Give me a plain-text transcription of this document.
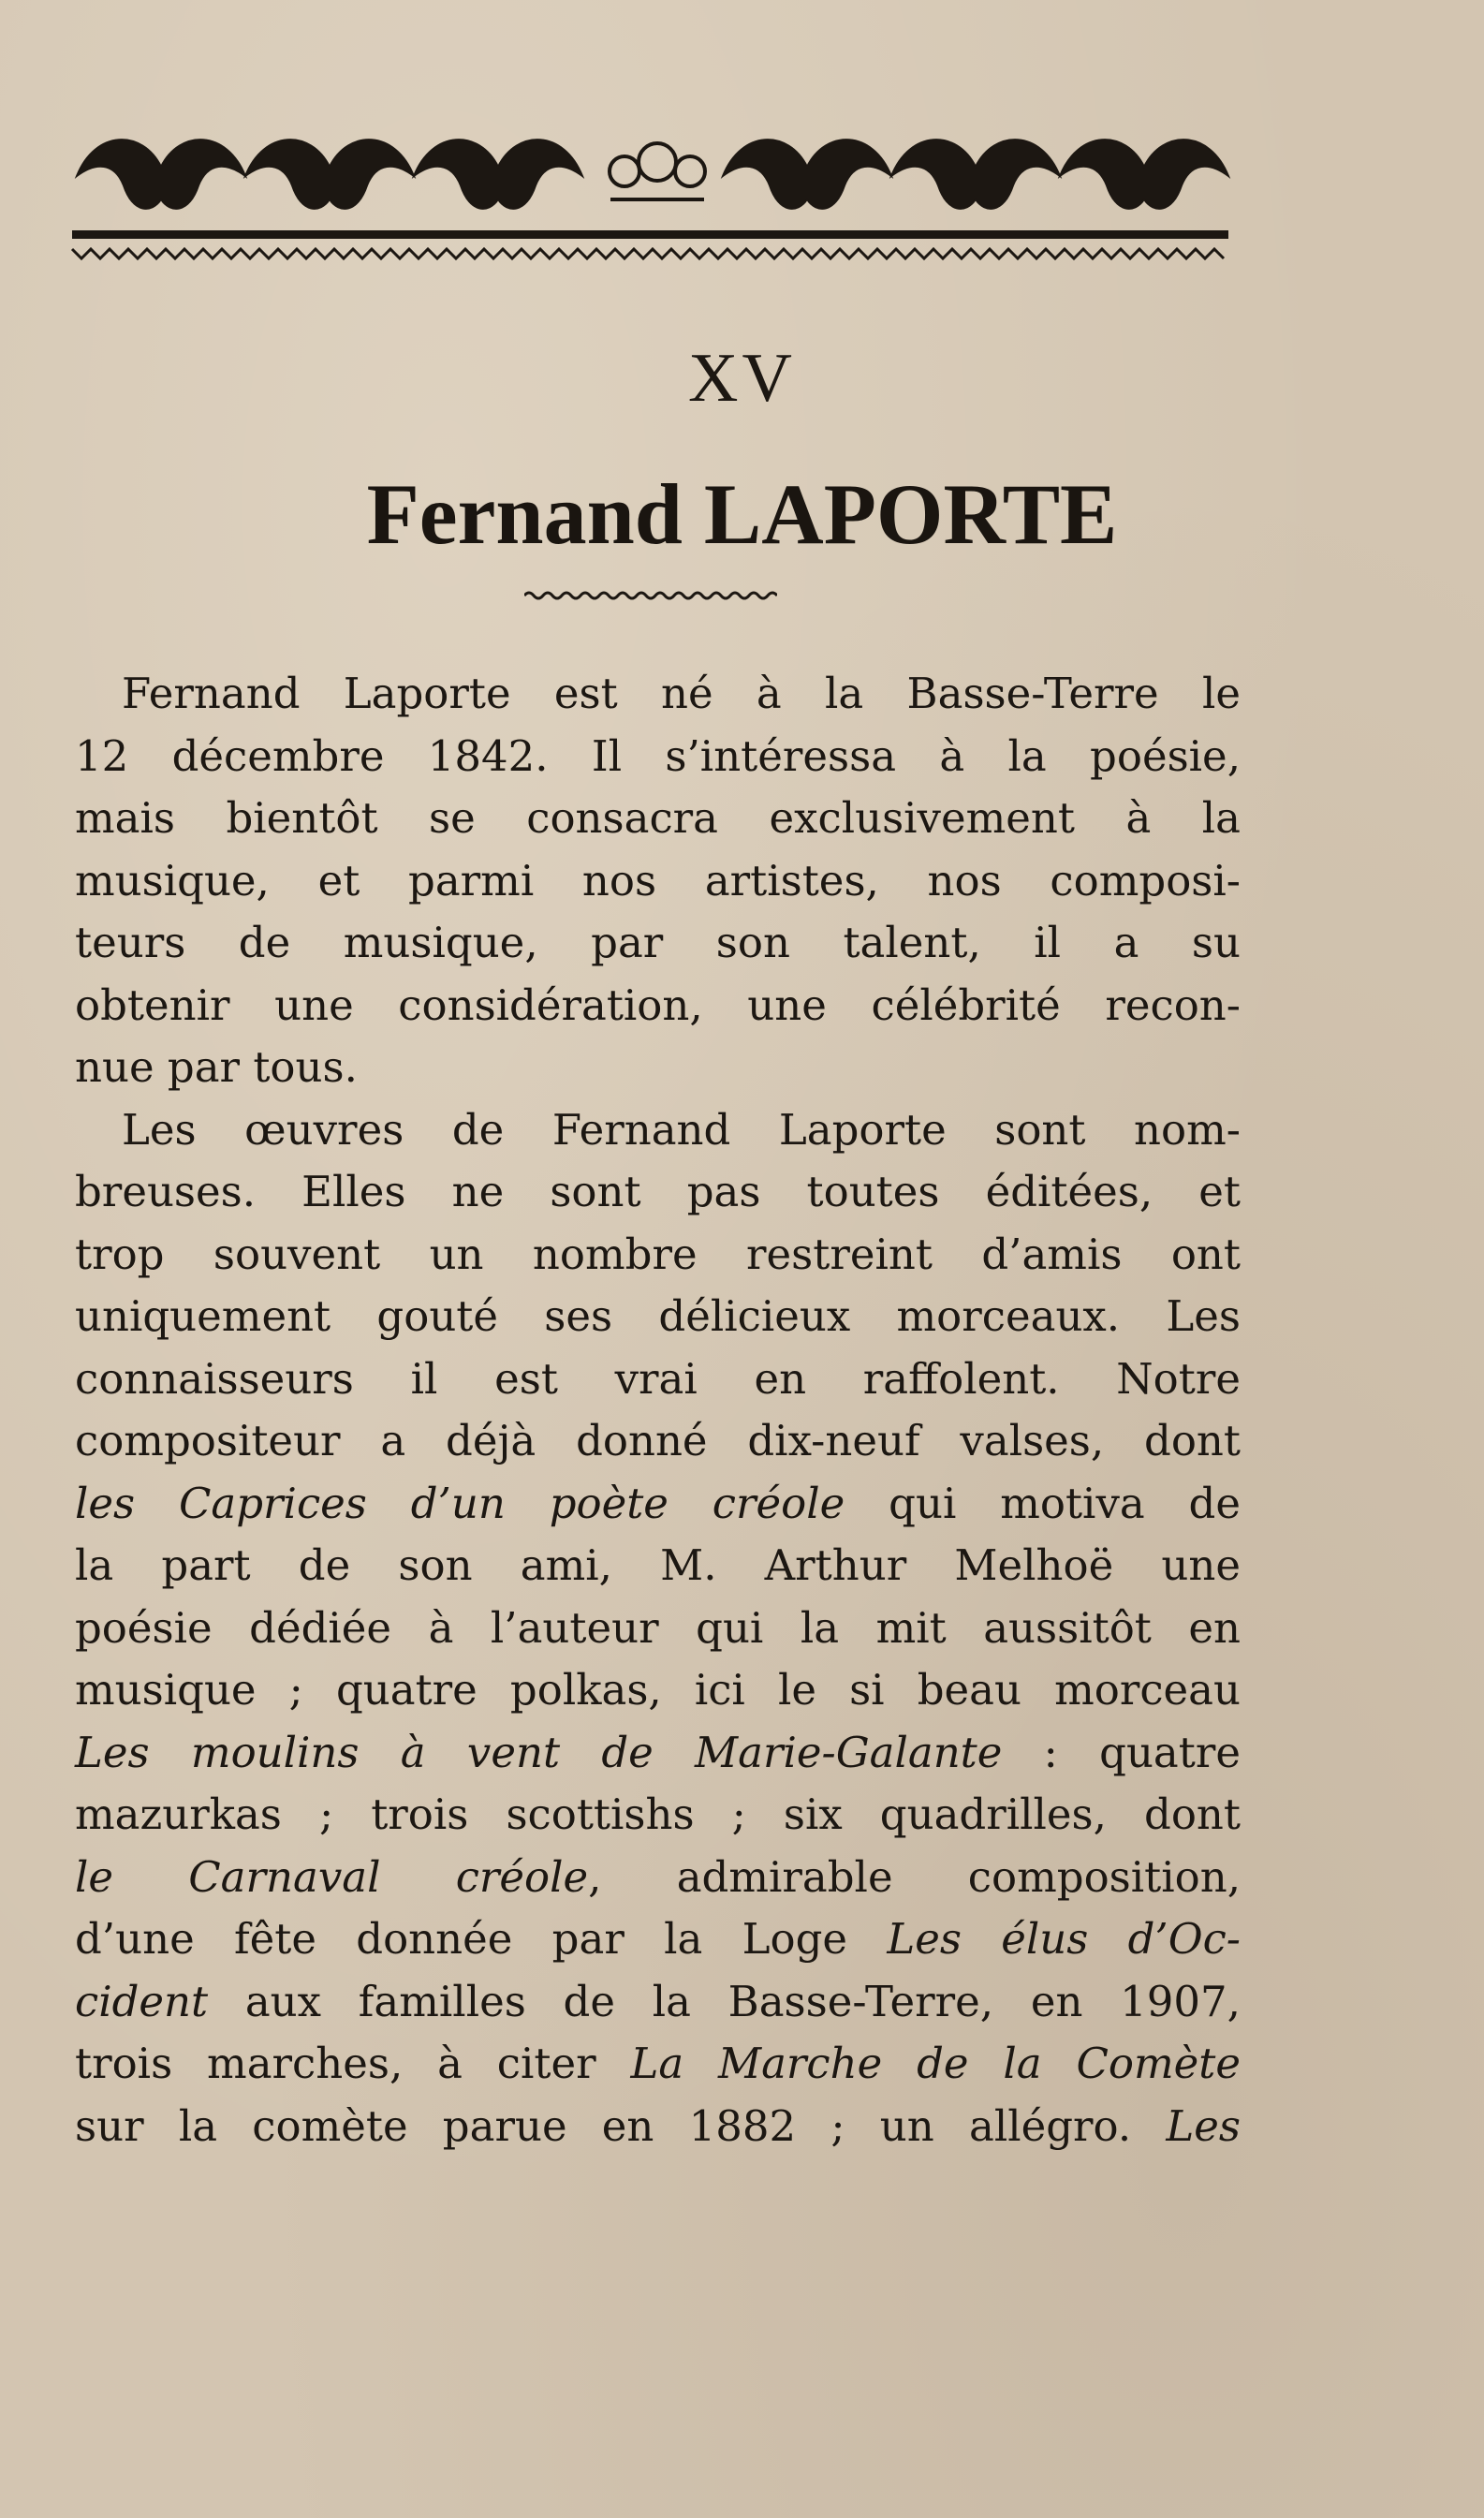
XV
Fernand LAPORTE
Fernand Laporte est né à la Basse-Terre le
12 décembre 1842. Il s’intéressa à la poésie,
mais bientôt se consacra exclusivement à la
musique, et parmi nos artistes, nos composi-
teurs de musique, par son talent, il a su
obtenir une considération, une célébrité recon-
nue par tous.
Les œuvres de Fernand Laporte sont nom-
breuses. Elles ne sont pas toutes éditées, et
trop souvent un nombre restreint d’amis ont
uniquement gouté ses délicieux morceaux. Les
connaisseurs il est vrai en raffolent. Notre
compositeur a déjà donné dix-neuf valses, dont
les Caprices d’un poète créole qui motiva de
la part de son ami, M. Arthur Melhoë une
poésie dédiée à l’auteur qui la mit aussitôt en
musique ; quatre polkas, ici le si beau morceau
Les moulins à vent de Marie-Galante : quatre
mazurkas ; trois scottishs ; six quadrilles, dont
le Carnaval créole, admirable composition,
d’une fête donnée par la Loge Les élus d’Oc-
cident aux familles de la Basse-Terre, en 1907,
trois marches, à citer La Marche de la Comète
sur la comète parue en 1882 ; un allégro. Les
